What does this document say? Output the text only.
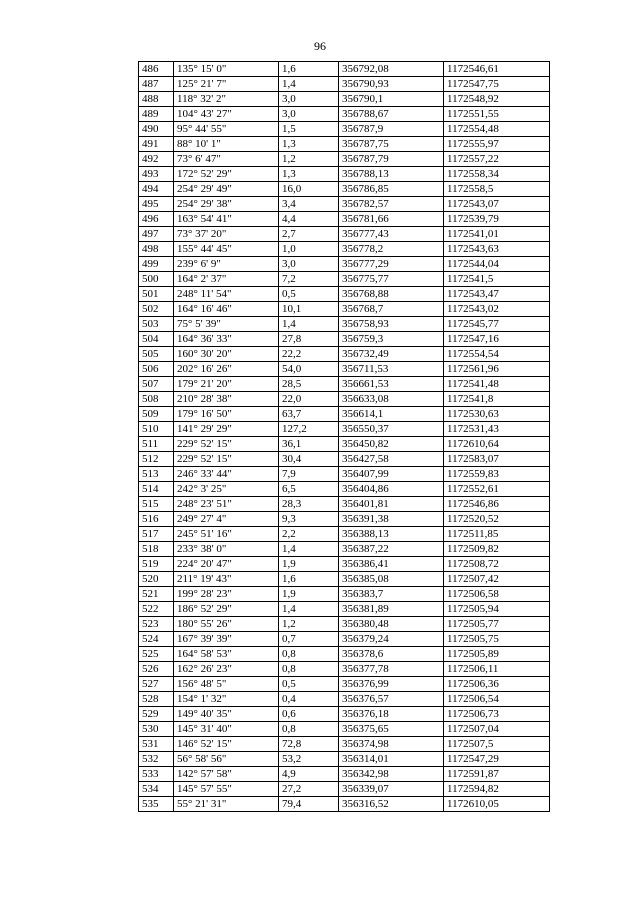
96
486	135° 15' 0"	1,6	356792,08	1172546,61
487	125° 21' 7"	1,4	356790,93	1172547,75
488	118° 32' 2"	3,0	356790,1	1172548,92
489	104° 43' 27"	3,0	356788,67	1172551,55
490	95° 44' 55"	1,5	356787,9	1172554,48
491	88° 10' 1"	1,3	356787,75	1172555,97
492	73° 6' 47"	1,2	356787,79	1172557,22
493	172° 52' 29"	1,3	356788,13	1172558,34
494	254° 29' 49"	16,0	356786,85	1172558,5
495	254° 29' 38"	3,4	356782,57	1172543,07
496	163° 54' 41"	4,4	356781,66	1172539,79
497	73° 37' 20"	2,7	356777,43	1172541,01
498	155° 44' 45"	1,0	356778,2	1172543,63
499	239° 6' 9"	3,0	356777,29	1172544,04
500	164° 2' 37"	7,2	356775,77	1172541,5
501	248° 11' 54"	0,5	356768,88	1172543,47
502	164° 16' 46"	10,1	356768,7	1172543,02
503	75° 5' 39"	1,4	356758,93	1172545,77
504	164° 36' 33"	27,8	356759,3	1172547,16
505	160° 30' 20"	22,2	356732,49	1172554,54
506	202° 16' 26"	54,0	356711,53	1172561,96
507	179° 21' 20"	28,5	356661,53	1172541,48
508	210° 28' 38"	22,0	356633,08	1172541,8
509	179° 16' 50"	63,7	356614,1	1172530,63
510	141° 29' 29"	127,2	356550,37	1172531,43
511	229° 52' 15"	36,1	356450,82	1172610,64
512	229° 52' 15"	30,4	356427,58	1172583,07
513	246° 33' 44"	7,9	356407,99	1172559,83
514	242° 3' 25"	6,5	356404,86	1172552,61
515	248° 23' 51"	28,3	356401,81	1172546,86
516	249° 27' 4"	9,3	356391,38	1172520,52
517	245° 51' 16"	2,2	356388,13	1172511,85
518	233° 38' 0"	1,4	356387,22	1172509,82
519	224° 20' 47"	1,9	356386,41	1172508,72
520	211° 19' 43"	1,6	356385,08	1172507,42
521	199° 28' 23"	1,9	356383,7	1172506,58
522	186° 52' 29"	1,4	356381,89	1172505,94
523	180° 55' 26"	1,2	356380,48	1172505,77
524	167° 39' 39"	0,7	356379,24	1172505,75
525	164° 58' 53"	0,8	356378,6	1172505,89
526	162° 26' 23"	0,8	356377,78	1172506,11
527	156° 48' 5"	0,5	356376,99	1172506,36
528	154° 1' 32"	0,4	356376,57	1172506,54
529	149° 40' 35"	0,6	356376,18	1172506,73
530	145° 31' 40"	0,8	356375,65	1172507,04
531	146° 52' 15"	72,8	356374,98	1172507,5
532	56° 58' 56"	53,2	356314,01	1172547,29
533	142° 57' 58"	4,9	356342,98	1172591,87
534	145° 57' 55"	27,2	356339,07	1172594,82
535	55° 21' 31"	79,4	356316,52	1172610,05
